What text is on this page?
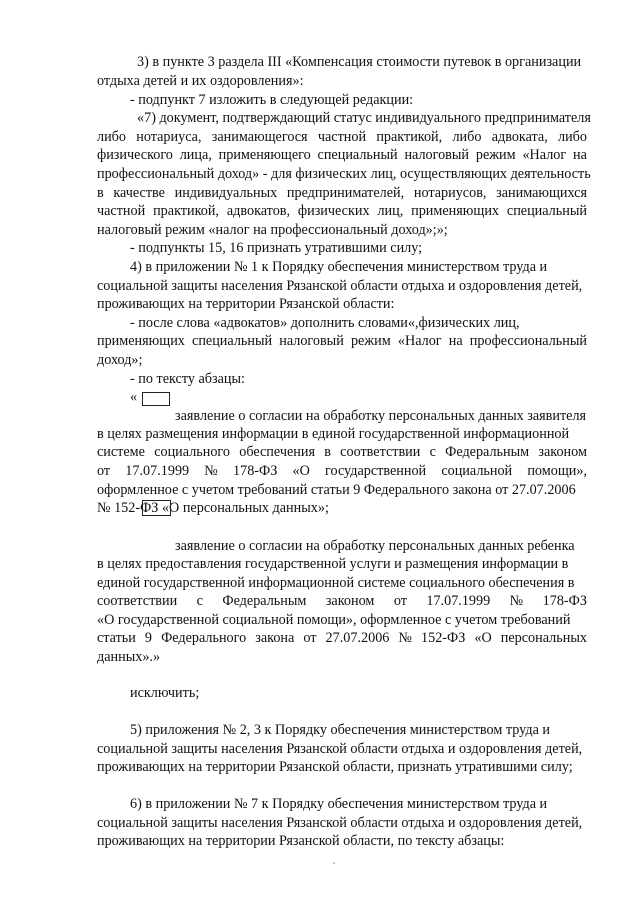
3) в пункте 3 раздела III «Компенсация стоимости путевок в организации
отдыха детей и их оздоровления»:
- подпункт 7 изложить в следующей редакции:
«7) документ, подтверждающий статус индивидуального предпринимателя
либо нотариуса, занимающегося частной практикой, либо адвоката, либо
физического лица, применяющего специальный налоговый режим «Налог на
профессиональный доход» - для физических лиц, осуществляющих деятельность
в качестве индивидуальных предпринимателей, нотариусов, занимающихся
частной практикой, адвокатов, физических лиц, применяющих специальный
налоговый режим «налог на профессиональный доход»;»;
- подпункты 15, 16 признать утратившими силу;
4) в приложении № 1 к Порядку обеспечения министерством труда и
социальной защиты населения Рязанской области отдыха и оздоровления детей,
проживающих на территории Рязанской области:
- после слова «адвокатов» дополнить словами«,физических лиц,
применяющих специальный налоговый режим «Налог на профессиональный
доход»;
- по тексту абзацы:
«
заявление о согласии на обработку персональных данных заявителя
в целях размещения информации в единой государственной информационной
системе социального обеспечения в соответствии с Федеральным законом
от 17.07.1999 № 178-ФЗ «О государственной социальной помощи»,
оформленное с учетом требований статьи 9 Федерального закона от 27.07.2006
№ 152-ФЗ «О персональных данных»;
заявление о согласии на обработку персональных данных ребенка
в целях предоставления государственной услуги и размещения информации в
единой государственной информационной системе социального обеспечения в
соответствии с Федеральным законом от 17.07.1999 № 178-ФЗ
«О государственной социальной помощи», оформленное с учетом требований
статьи 9 Федерального закона от 27.07.2006 № 152-ФЗ «О персональных
данных».»
исключить;
5) приложения № 2, 3 к Порядку обеспечения министерством труда и
социальной защиты населения Рязанской области отдыха и оздоровления детей,
проживающих на территории Рязанской области, признать утратившими силу;
6) в приложении № 7 к Порядку обеспечения министерством труда и
социальной защиты населения Рязанской области отдыха и оздоровления детей,
проживающих на территории Рязанской области, по тексту абзацы:
